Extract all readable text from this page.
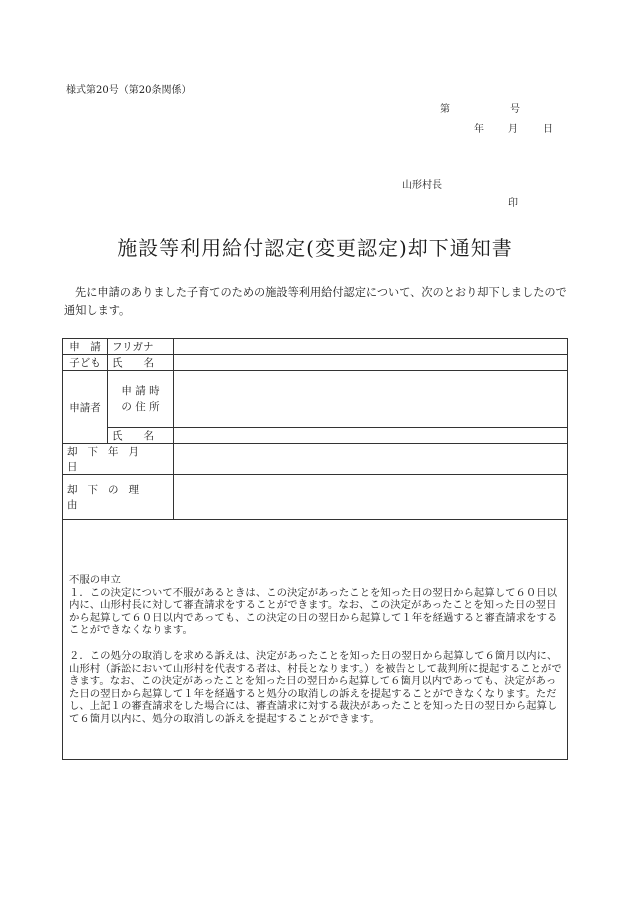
様式第20号（第20条関係）
第	号
年 月	日
山形村長
印
施設等利用給付認定(変更認定)却下通知書
先に申請のありました子育てのための施設等利用給付認定について、次のとおり却下しましたので通知します。
申　請	フリガナ	
子ども	氏　　名	
申請者	申 請 時
の 住 所	

	氏　　名	
却下年月日		
却下の理由		

不服の申立

１．この決定について不服があるときは、この決定があったことを知った日の翌日から起算して６０日以内に、山形村長に対して審査請求をすることができます。なお、この決定があったことを知った日の翌日から起算して６０日以内であっても、この決定の日の翌日から起算して１年を経過すると審査請求をすることができなくなります。

２．この処分の取消しを求める訴えは、決定があったことを知った日の翌日から起算して６箇月以内に、山形村（訴訟において山形村を代表する者は、村長となります。）を被告として裁判所に提起することができます。なお、この決定があったことを知った日の翌日から起算して６箇月以内であっても、決定があった日の翌日から起算して１年を経過すると処分の取消しの訴えを提起することができなくなります。ただし、上記１の審査請求をした場合には、審査請求に対する裁決があったことを知った日の翌日から起算して６箇月以内に、処分の取消しの訴えを提起することができます。
